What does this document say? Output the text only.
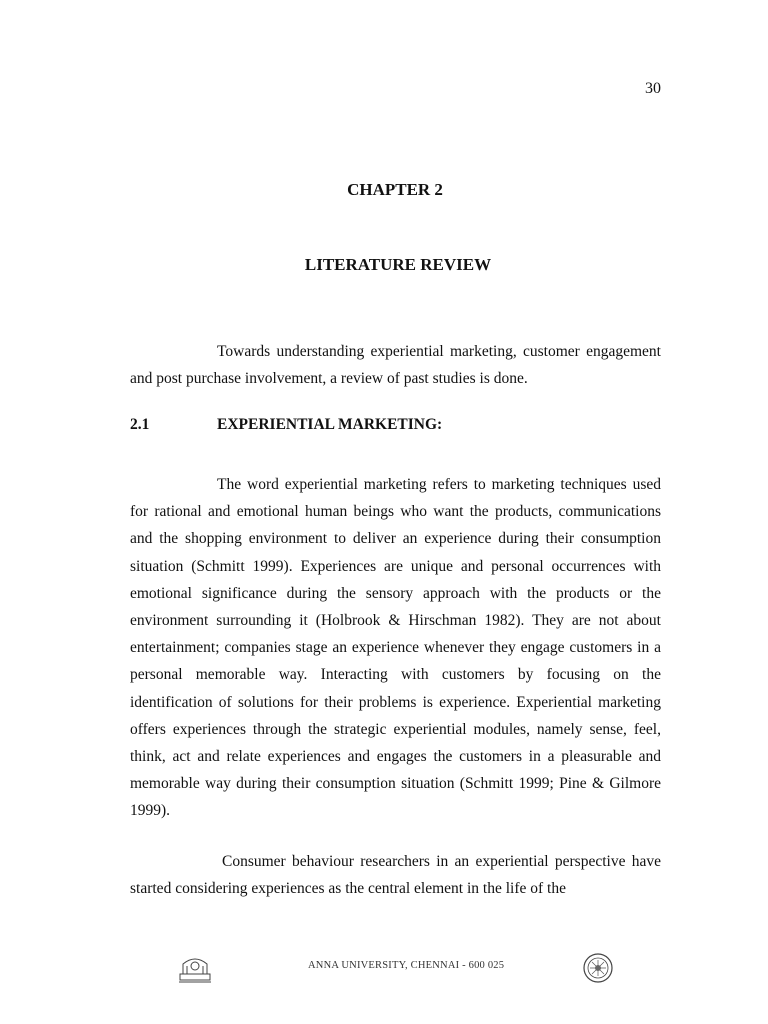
30
CHAPTER 2
LITERATURE REVIEW
Towards understanding experiential marketing, customer engagement and post purchase involvement, a review of past studies is done.
2.1	EXPERIENTIAL MARKETING:
The word experiential marketing refers to marketing techniques used for rational and emotional human beings who want the products, communications and the shopping environment to deliver an experience during their consumption situation (Schmitt 1999). Experiences are unique and personal occurrences with emotional significance during the sensory approach with the products or the environment surrounding it (Holbrook & Hirschman 1982). They are not about entertainment; companies stage an experience whenever they engage customers in a personal memorable way. Interacting with customers by focusing on the identification of solutions for their problems is experience. Experiential marketing offers experiences through the strategic experiential modules, namely sense, feel, think, act and relate experiences and engages the customers in a pleasurable and memorable way during their consumption situation (Schmitt 1999; Pine & Gilmore 1999).
Consumer behaviour researchers in an experiential perspective have started considering experiences as the central element in the life of the
ANNA UNIVERSITY, CHENNAI - 600 025
